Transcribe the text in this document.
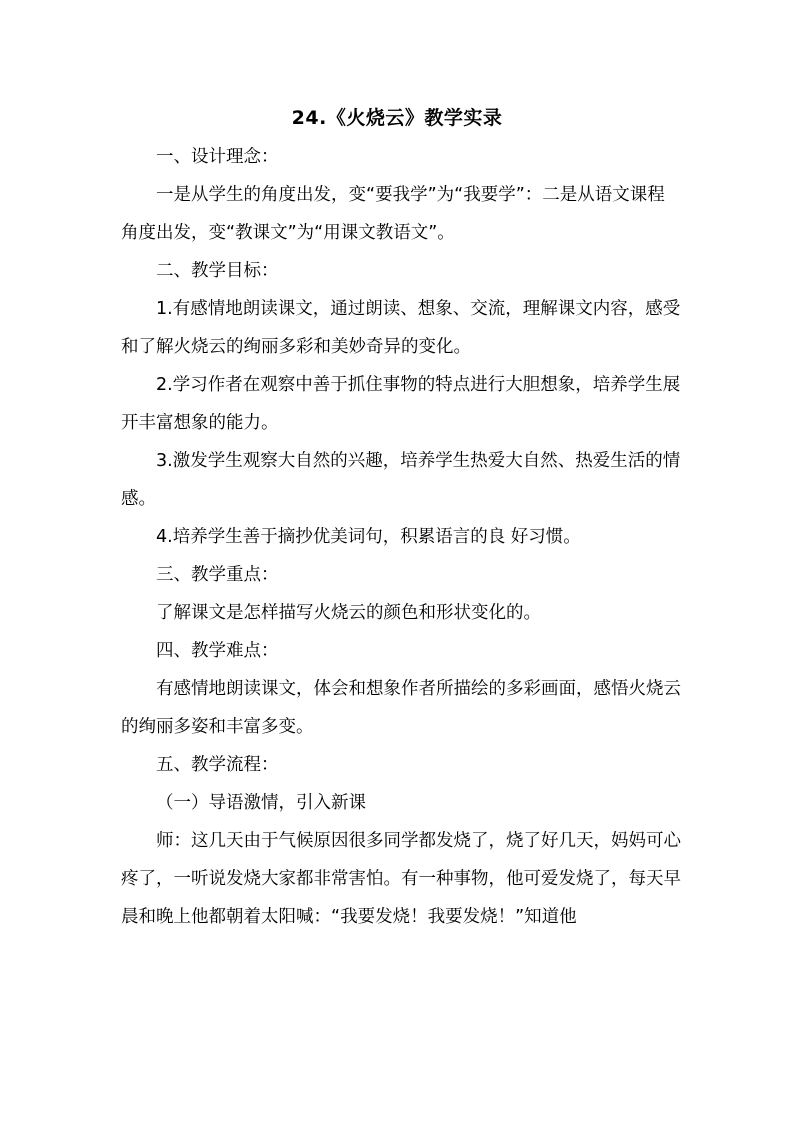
24.《火烧云》教学实录

一、设计理念：

一是从学生的角度出发，变“要我学”为“我要学”：二是从语文课程角度出发，变“教课文”为“用课文教语文”。

二、教学目标：

1.有感情地朗读课文，通过朗读、想象、交流，理解课文内容，感受和了解火烧云的绚丽多彩和美妙奇异的变化。

2.学习作者在观察中善于抓住事物的特点进行大胆想象，培养学生展开丰富想象的能力。

3.激发学生观察大自然的兴趣，培养学生热爱大自然、热爱生活的情感。

4.培养学生善于摘抄优美词句，积累语言的良 好习惯。

三、教学重点：

了解课文是怎样描写火烧云的颜色和形状变化的。

四、教学难点：

有感情地朗读课文，体会和想象作者所描绘的多彩画面，感悟火烧云的绚丽多姿和丰富多变。

五、教学流程：

（一）导语激情，引入新课

师：这几天由于气候原因很多同学都发烧了，烧了好几天，妈妈可心疼了，一听说发烧大家都非常害怕。有一种事物，他可爱发烧了，每天早晨和晚上他都朝着太阳喊：“我要发烧！我要发烧！”知道他
